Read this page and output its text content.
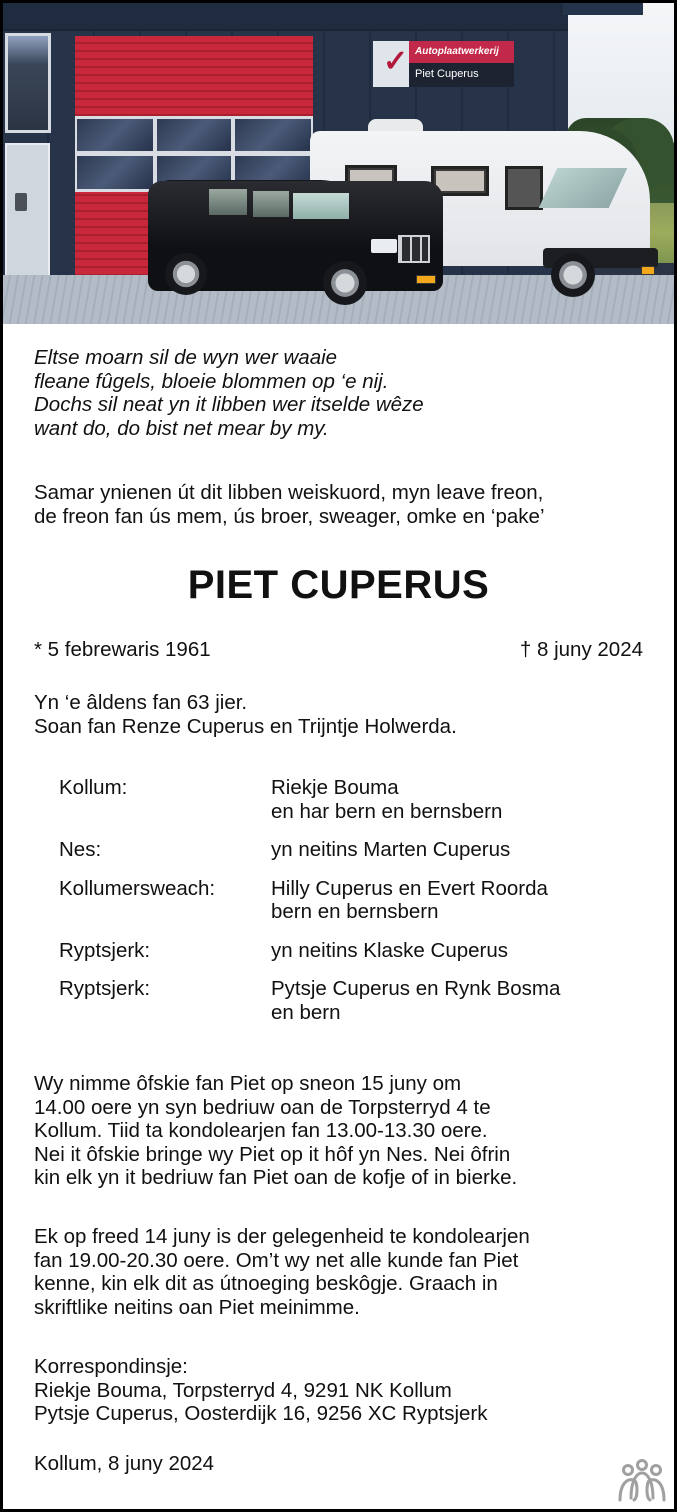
✓ Autoplaatwerkerij
Piet Cuperus
Eltse moarn sil de wyn wer waaie
fleane fûgels, bloeie blommen op ‘e nij.
Dochs sil neat yn it libben wer itselde wêze
want do, do bist net mear by my.
Samar ynienen út dit libben weiskuord, myn leave freon,
de freon fan ús mem, ús broer, sweager, omke en ‘pake’
PIET CUPERUS
* 5 febrewaris 1961	† 8 juny 2024
Yn ‘e âldens fan 63 jier.
Soan fan Renze Cuperus en Trijntje Holwerda.
Kollum:	Riekje Bouma
en har bern en bernsbern
Nes:	yn neitins Marten Cuperus
Kollumersweach:	Hilly Cuperus en Evert Roorda
bern en bernsbern
Ryptsjerk:	yn neitins Klaske Cuperus
Ryptsjerk:	Pytsje Cuperus en Rynk Bosma
en bern
Wy nimme ôfskie fan Piet op sneon 15 juny om
14.00 oere yn syn bedriuw oan de Torpsterryd 4 te
Kollum. Tiid ta kondolearjen fan 13.00-13.30 oere.
Nei it ôfskie bringe wy Piet op it hôf yn Nes. Nei ôfrin
kin elk yn it bedriuw fan Piet oan de kofje of in bierke.
Ek op freed 14 juny is der gelegenheid te kondolearjen
fan 19.00-20.30 oere. Om’t wy net alle kunde fan Piet
kenne, kin elk dit as útnoeging beskôgje. Graach in
skriftlike neitins oan Piet meinimme.
Korrespondinsje:
Riekje Bouma, Torpsterryd 4, 9291 NK Kollum
Pytsje Cuperus, Oosterdijk 16, 9256 XC Ryptsjerk
Kollum, 8 juny 2024
